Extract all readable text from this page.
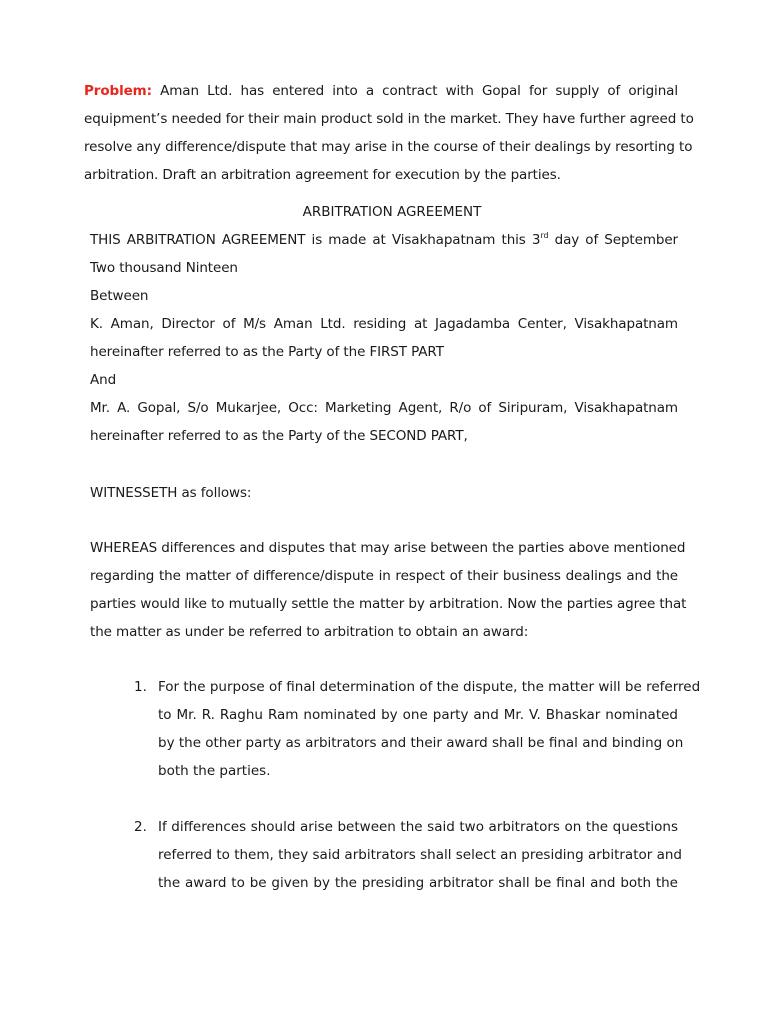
Problem: Aman Ltd. has entered into a contract with Gopal for supply of original
equipment’s needed for their main product sold in the market. They have further agreed to
resolve any difference/dispute that may arise in the course of their dealings by resorting to
arbitration. Draft an arbitration agreement for execution by the parties.
ARBITRATION AGREEMENT
THIS ARBITRATION AGREEMENT is made at Visakhapatnam this 3rd day of September
Two thousand Ninteen
Between
K. Aman, Director of M/s Aman Ltd. residing at Jagadamba Center, Visakhapatnam
hereinafter referred to as the Party of the FIRST PART
And
Mr. A. Gopal, S/o Mukarjee, Occ: Marketing Agent, R/o of Siripuram, Visakhapatnam
hereinafter referred to as the Party of the SECOND PART,
WITNESSETH as follows:
WHEREAS differences and disputes that may arise between the parties above mentioned
regarding the matter of difference/dispute in respect of their business dealings and the
parties would like to mutually settle the matter by arbitration. Now the parties agree that
the matter as under be referred to arbitration to obtain an award:
1. For the purpose of final determination of the dispute, the matter will be referred
to Mr. R. Raghu Ram nominated by one party and Mr. V. Bhaskar nominated
by the other party as arbitrators and their award shall be final and binding on
both the parties.
2. If differences should arise between the said two arbitrators on the questions
referred to them, they said arbitrators shall select an presiding arbitrator and
the award to be given by the presiding arbitrator shall be final and both the
